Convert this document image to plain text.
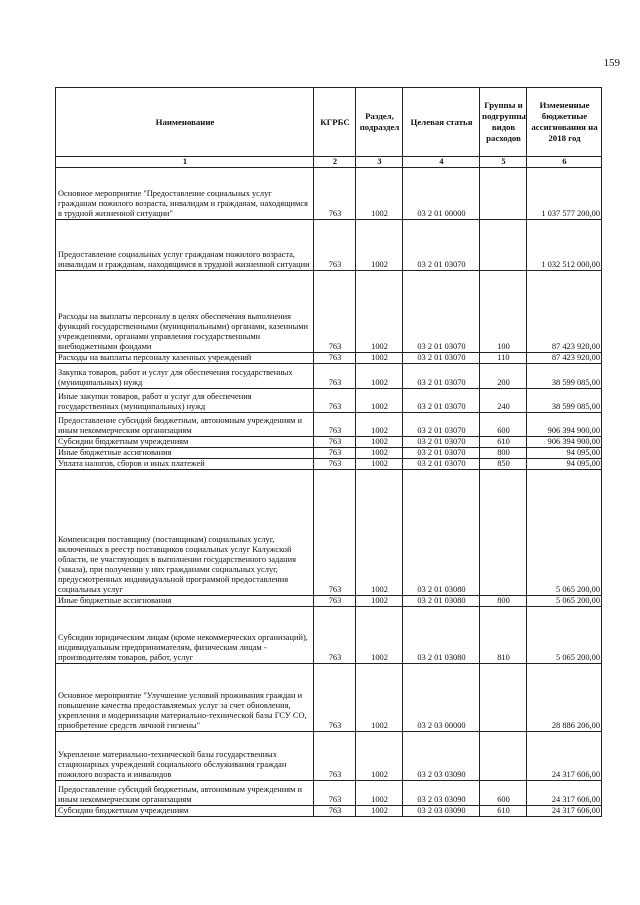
159
Наименование	КГРБС	Раздел, подраздел	Целевая статья	Группы и подгруппы видов расходов	Измененные бюджетные ассигнования на 2018 год
1	2	3	4	5	6
Основное мероприятие "Предоставление социальных услуг гражданам пожилого возраста, инвалидам и гражданам, находящимся в трудной жизненной ситуации"	763	1002	03 2 01 00000		1 037 577 200,00
Предоставление социальных услуг гражданам пожилого возраста, инвалидам и гражданам, находящимся в трудной жизненной ситуации	763	1002	03 2 01 03070		1 032 512 000,00
Расходы на выплаты персоналу в целях обеспечения выполнения функций государственными (муниципальными) органами, казенными учреждениями, органами управления государственными внебюджетными фондами	763	1002	03 2 01 03070	100	87 423 920,00
Расходы на выплаты персоналу казенных учреждений	763	1002	03 2 01 03070	110	87 423 920,00
Закупка товаров, работ и услуг для обеспечения государственных (муниципальных) нужд	763	1002	03 2 01 03070	200	38 599 085,00
Иные закупки товаров, работ и услуг для обеспечения государственных (муниципальных) нужд	763	1002	03 2 01 03070	240	38 599 085,00
Предоставление субсидий бюджетным, автономным учреждениям и иным некоммерческим организациям	763	1002	03 2 01 03070	600	906 394 900,00
Субсидии бюджетным учреждениям	763	1002	03 2 01 03070	610	906 394 900,00
Иные бюджетные ассигнования	763	1002	03 2 01 03070	800	94 095,00
Уплата налогов, сборов и иных платежей	763	1002	03 2 01 03070	850	94 095,00
Компенсация поставщику (поставщикам) социальных услуг, включенных в реестр поставщиков социальных услуг Калужской области, не участвующих в выполнении государственного задания (заказа), при получении у них гражданами социальных услуг, предусмотренных индивидуальной программой предоставления социальных услуг	763	1002	03 2 01 03080		5 065 200,00
Иные бюджетные ассигнования	763	1002	03 2 01 03080	800	5 065 200,00
Субсидии юридическим лицам (кроме некоммерческих организаций), индивидуальным предпринимателям, физическим лицам - производителям товаров, работ, услуг	763	1002	03 2 01 03080	810	5 065 200,00
Основное мероприятие "Улучшение условий проживания граждан и повышение качества предоставляемых услуг за счет обновления, укрепления и модернизации материально-технической базы ГСУ СО, приобретение средств личной гигиены"	763	1002	03 2 03 00000		28 886 206,00
Укрепление материально-технической базы государственных стационарных учреждений социального обслуживания граждан пожилого возраста и инвалидов	763	1002	03 2 03 03090		24 317 606,00
Предоставление субсидий бюджетным, автономным учреждениям и иным некоммерческим организациям	763	1002	03 2 03 03090	600	24 317 606,00
Субсидии бюджетным учреждениям	763	1002	03 2 03 03090	610	24 317 606,00
